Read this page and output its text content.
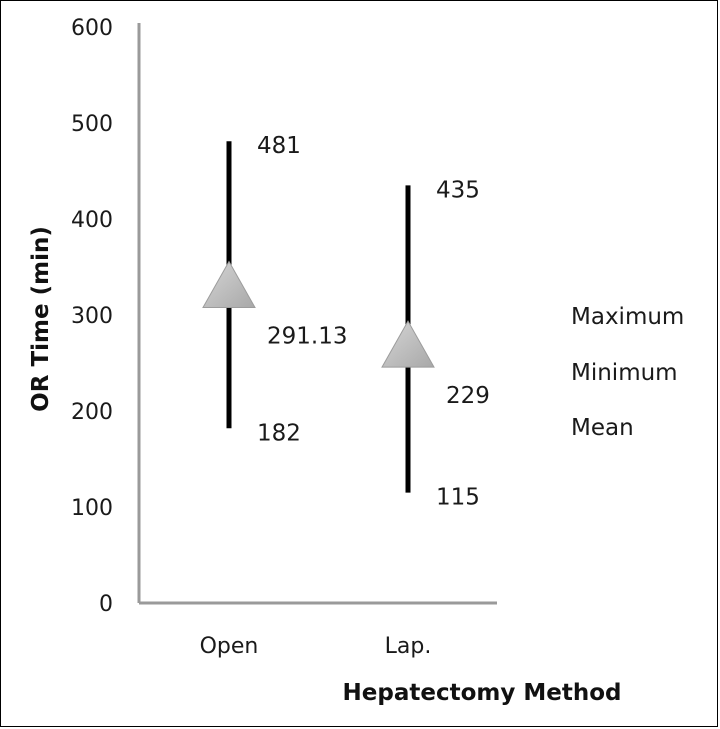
0
100
200
300
400
500
600
Open	Lap.
481
182
291.13
435
115
229
Maximum
Minimum
Mean
OR Time (min)
Hepatectomy Method
